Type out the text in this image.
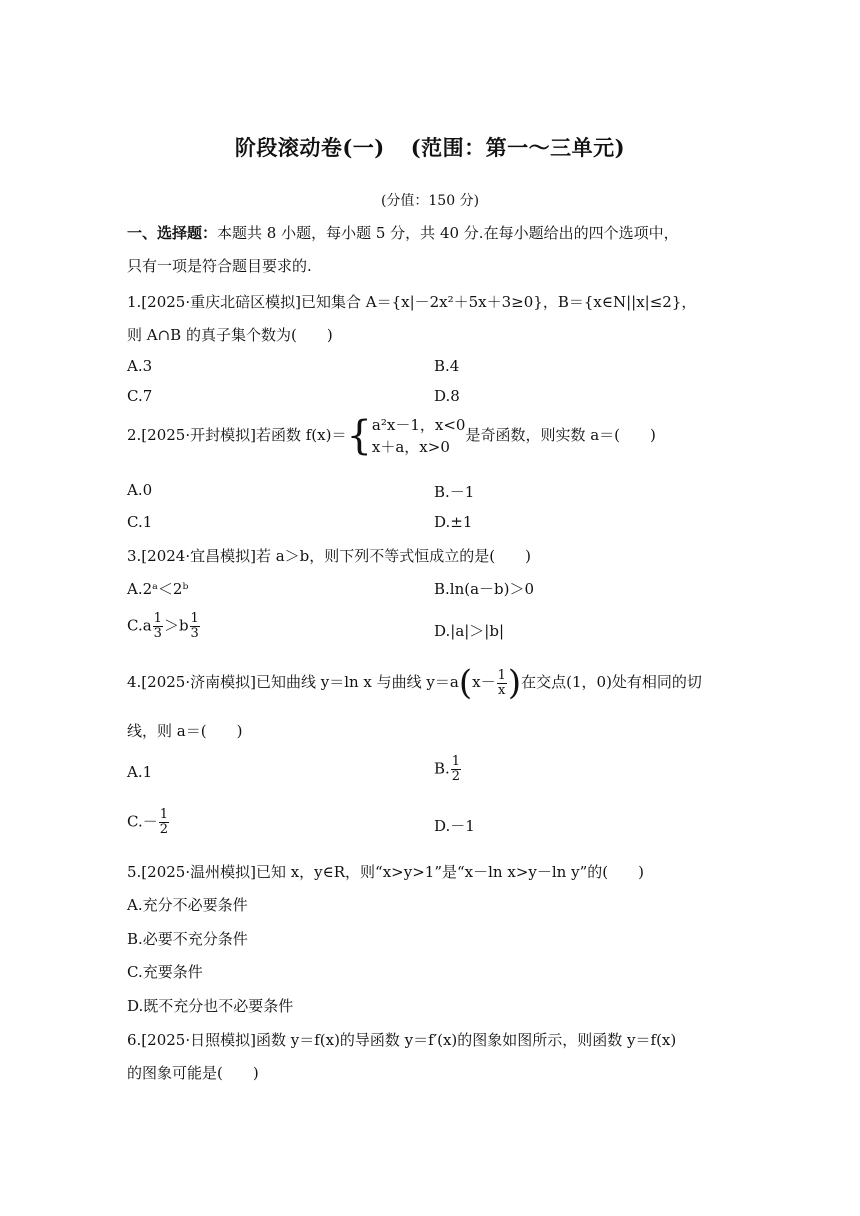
阶段滚动卷(一) (范围：第一～三单元)
(分值：150 分)
一、选择题：本题共 8 小题，每小题 5 分，共 40 分.在每小题给出的四个选项中，
只有一项是符合题目要求的.
1.[2025·重庆北碚区模拟]已知集合 A＝{x|－2x²＋5x＋3≥0}，B＝{x∈N||x|≤2}，
则 A∩B 的真子集个数为(　　)
A.3	B.4
C.7	D.8
2.[2025·开封模拟]若函数 f(x)＝{ a²x－1，x<0
x＋a，x>0
是奇函数，则实数 a＝(　　)
A.0	B.－1
C.1	D.±1
3.[2024·宜昌模拟]若 a＞b，则下列不等式恒成立的是(　　)
A.2ᵃ＜2ᵇ	B.ln(a－b)＞0
$C.a \frac{1}{3} >b \frac{1}{3}$	D.|a|＞|b|
4.[2025·济南模拟]已知曲线 y＝ln x 与曲线 $y=a(x- \frac{1}{x}$ )在交点(1，0)处有相同的切
线，则 a＝(　　)
A.1	B. $\frac{1}{2}$
$C.- \frac{1}{2}$	D.－1
5.[2025·温州模拟]已知 x，y∈R，则“x>y>1”是“x－ln x>y－ln y”的(　　)
A.充分不必要条件
B.必要不充分条件
C.充要条件
D.既不充分也不必要条件
6.[2025·日照模拟]函数 y＝f(x)的导函数 y＝f′(x)的图象如图所示，则函数 y＝f(x)
的图象可能是(　　)
